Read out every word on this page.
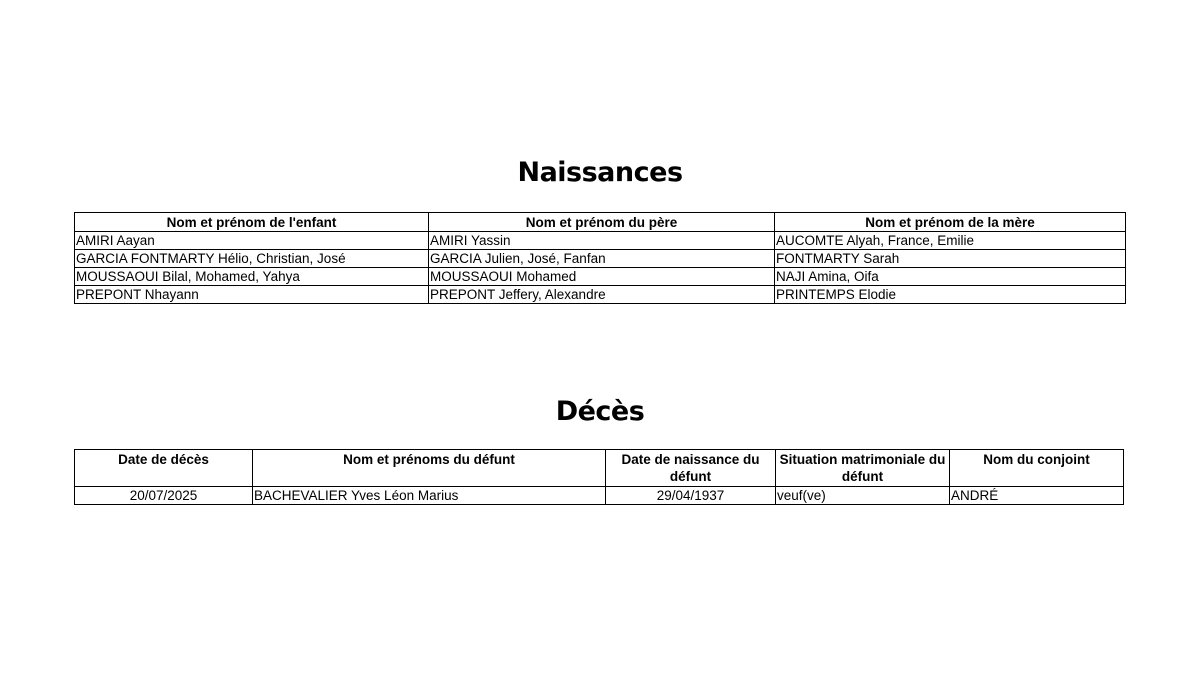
Naissances
Nom et prénom de l'enfant	Nom et prénom du père	Nom et prénom de la mère
AMIRI Aayan	AMIRI Yassin	AUCOMTE Alyah, France, Emilie
GARCIA FONTMARTY Hélio, Christian, José	GARCIA Julien, José, Fanfan	FONTMARTY Sarah
MOUSSAOUI Bilal, Mohamed, Yahya	MOUSSAOUI Mohamed	NAJI Amina, Oifa
PREPONT Nhayann	PREPONT Jeffery, Alexandre	PRINTEMPS Elodie
Décès
Date de décès	Nom et prénoms du défunt	Date de naissance du défunt	Situation matrimoniale du défunt	Nom du conjoint
20/07/2025	BACHEVALIER Yves Léon Marius	29/04/1937	veuf(ve)	ANDRÉ
